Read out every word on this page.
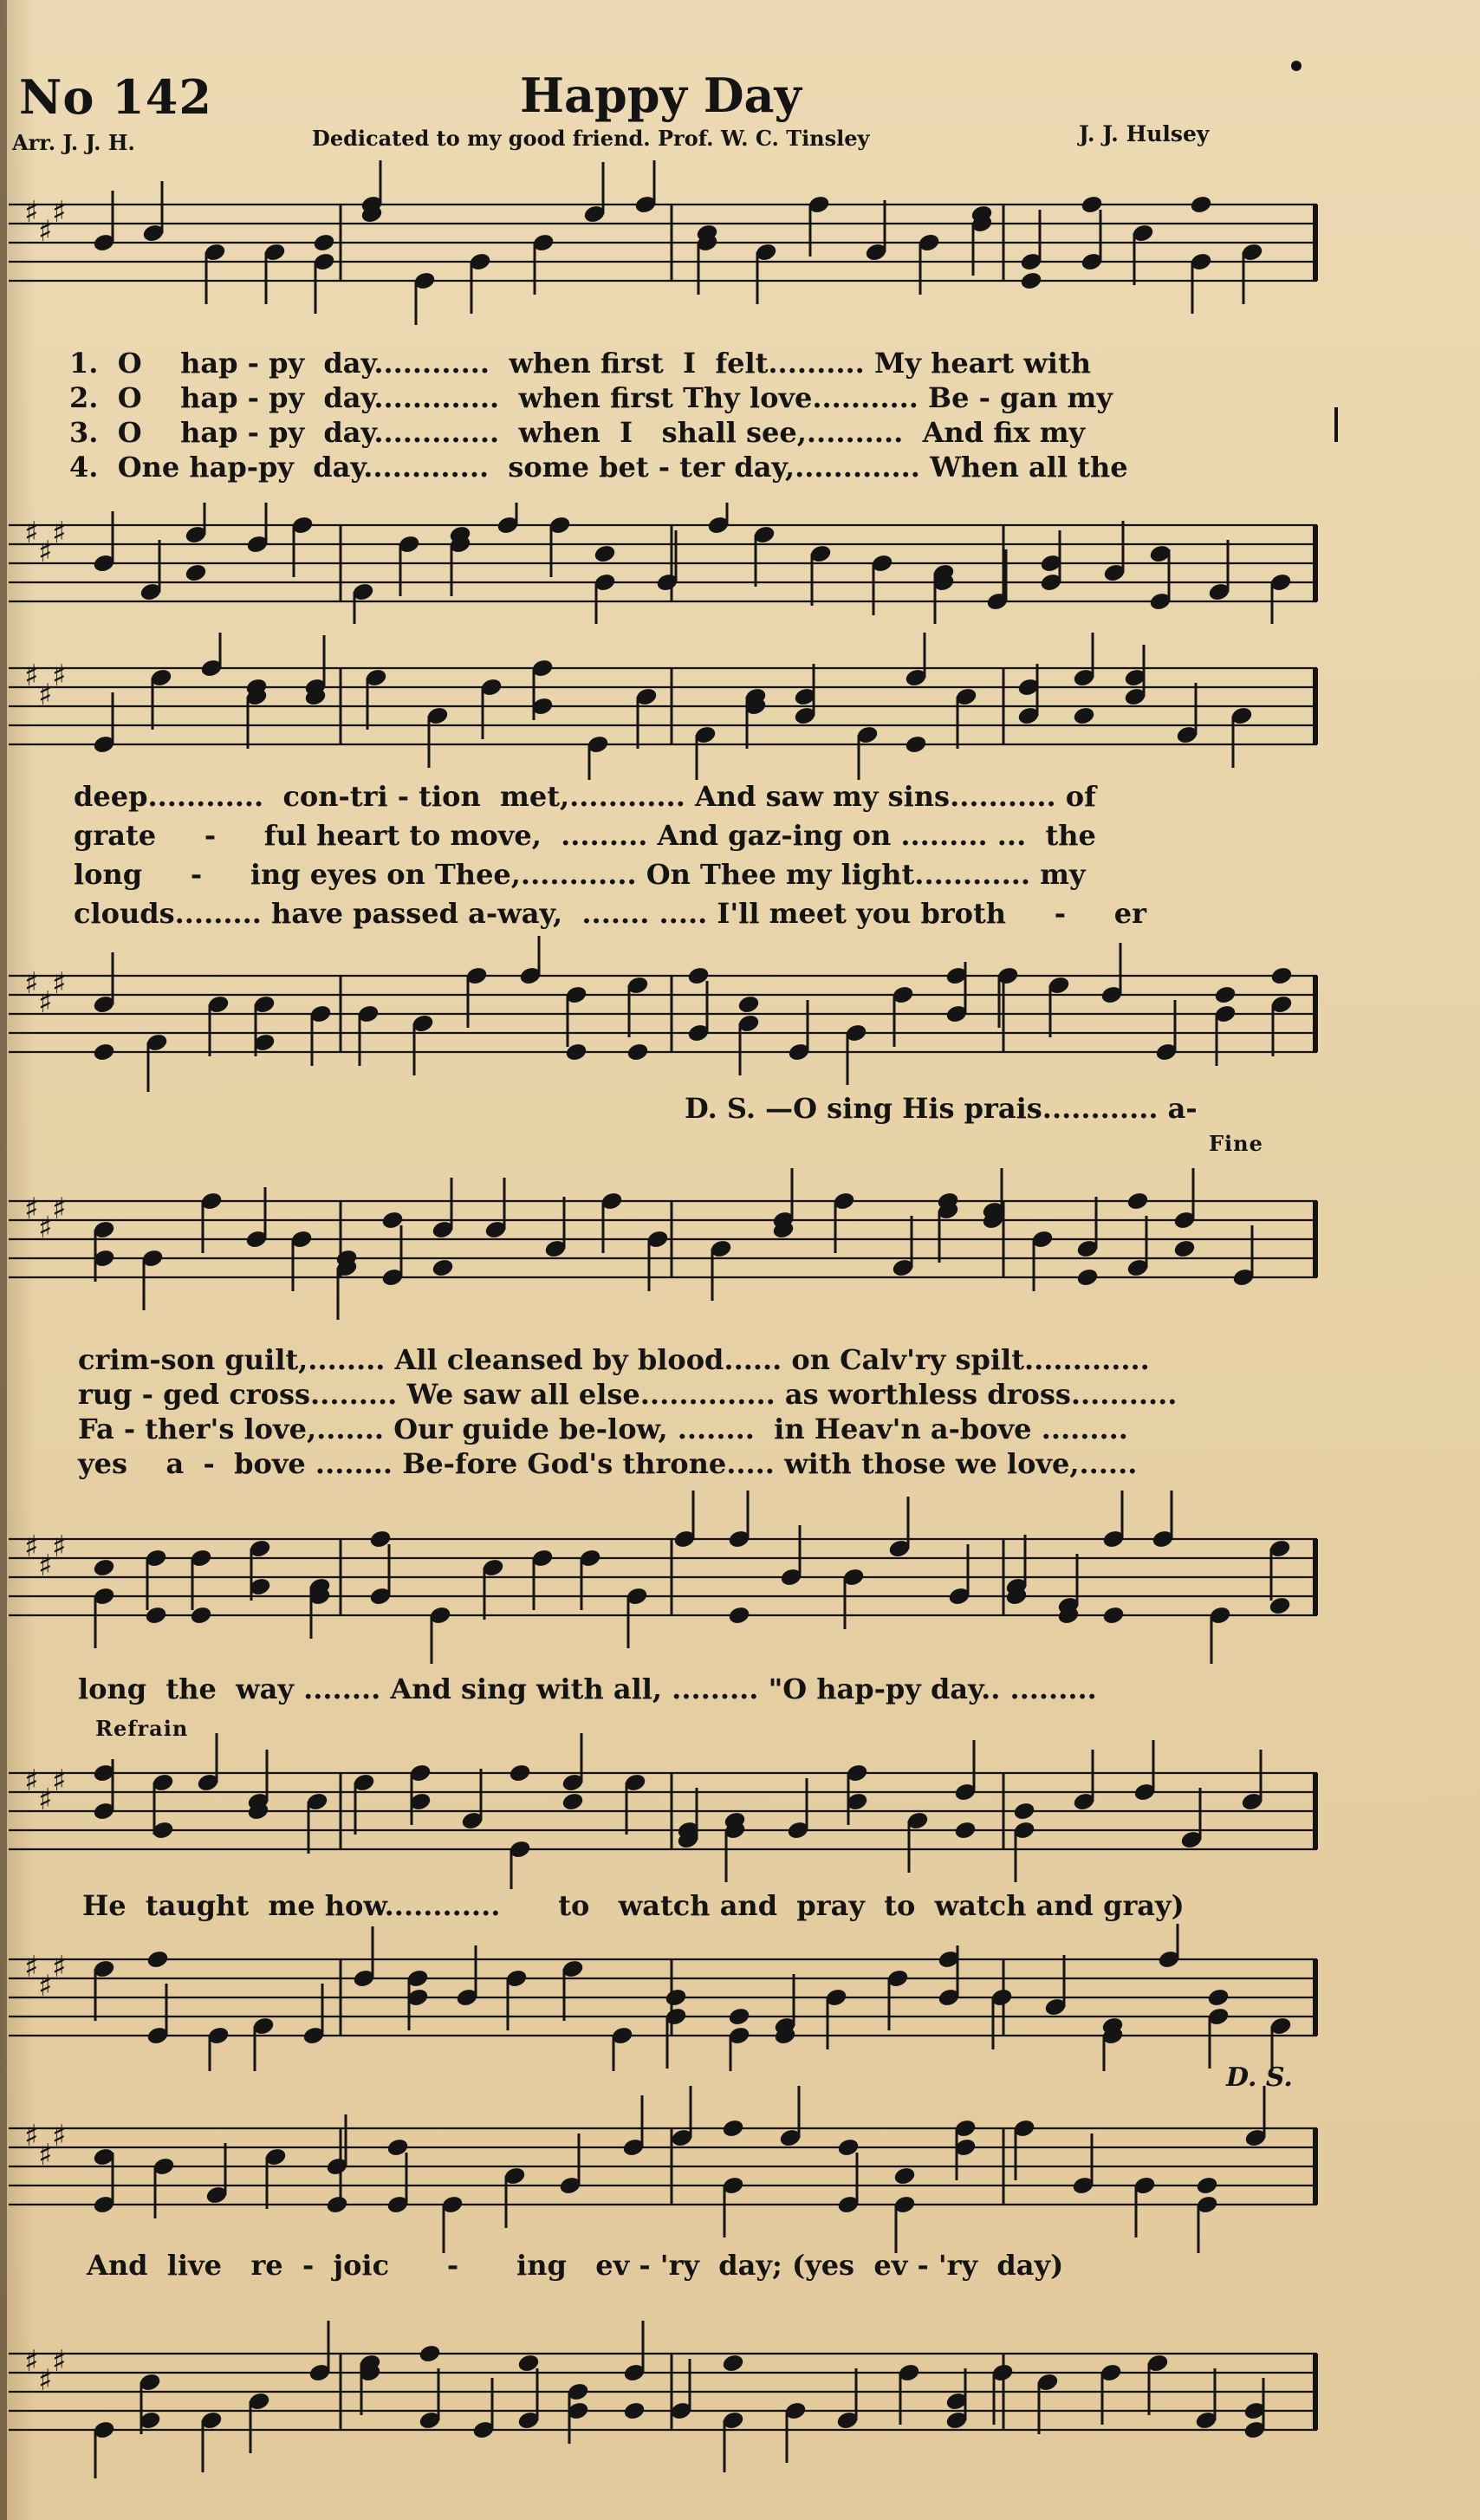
No 142	Happy Day
Arr. J. J. H.	Dedicated to my good friend. Prof. W. C. Tinsley	J. J. Hulsey
♯
♯
♯
♯
♯
♯
1.  O    hap - py  day............  when first  I  felt.......... My heart with
2.  O    hap - py  day.............  when first Thy love........... Be - gan my
3.  O    hap - py  day.............  when  I   shall see,..........  And fix my
4.  One hap-py  day.............  some bet - ter day,............. When all the
♯
♯
♯
♯
♯
♯
deep............  con-tri - tion  met,............ And saw my sins........... of
grate     -     ful heart to move,  ......... And gaz-ing on ......... ...  the
long     -     ing eyes on Thee,............ On Thee my light............ my
clouds......... have passed a-way,  ....... ..... I'll meet you broth     -     er
D. S. —O sing His prais............ a-
Fine
♯
♯
♯
crim-son guilt,........ All cleansed by blood...... on Calv'ry spilt.............
rug - ged cross......... We saw all else.............. as worthless dross...........
Fa - ther's love,....... Our guide be-low, ........  in Heav'n a-bove .........
yes    a  -  bove ........ Be-fore God's throne..... with those we love,......
♯
♯
♯
long  the  way ........ And sing with all, ......... "O hap-py day.. .........
Refrain
♯
♯
♯
He  taught  me how............      to   watch and  pray  to  watch and gray)
♯
♯
♯
D. S.
♯
♯
♯
And  live   re  -  joic      -      ing   ev - 'ry  day; (yes  ev - 'ry  day)
♯
♯
♯
